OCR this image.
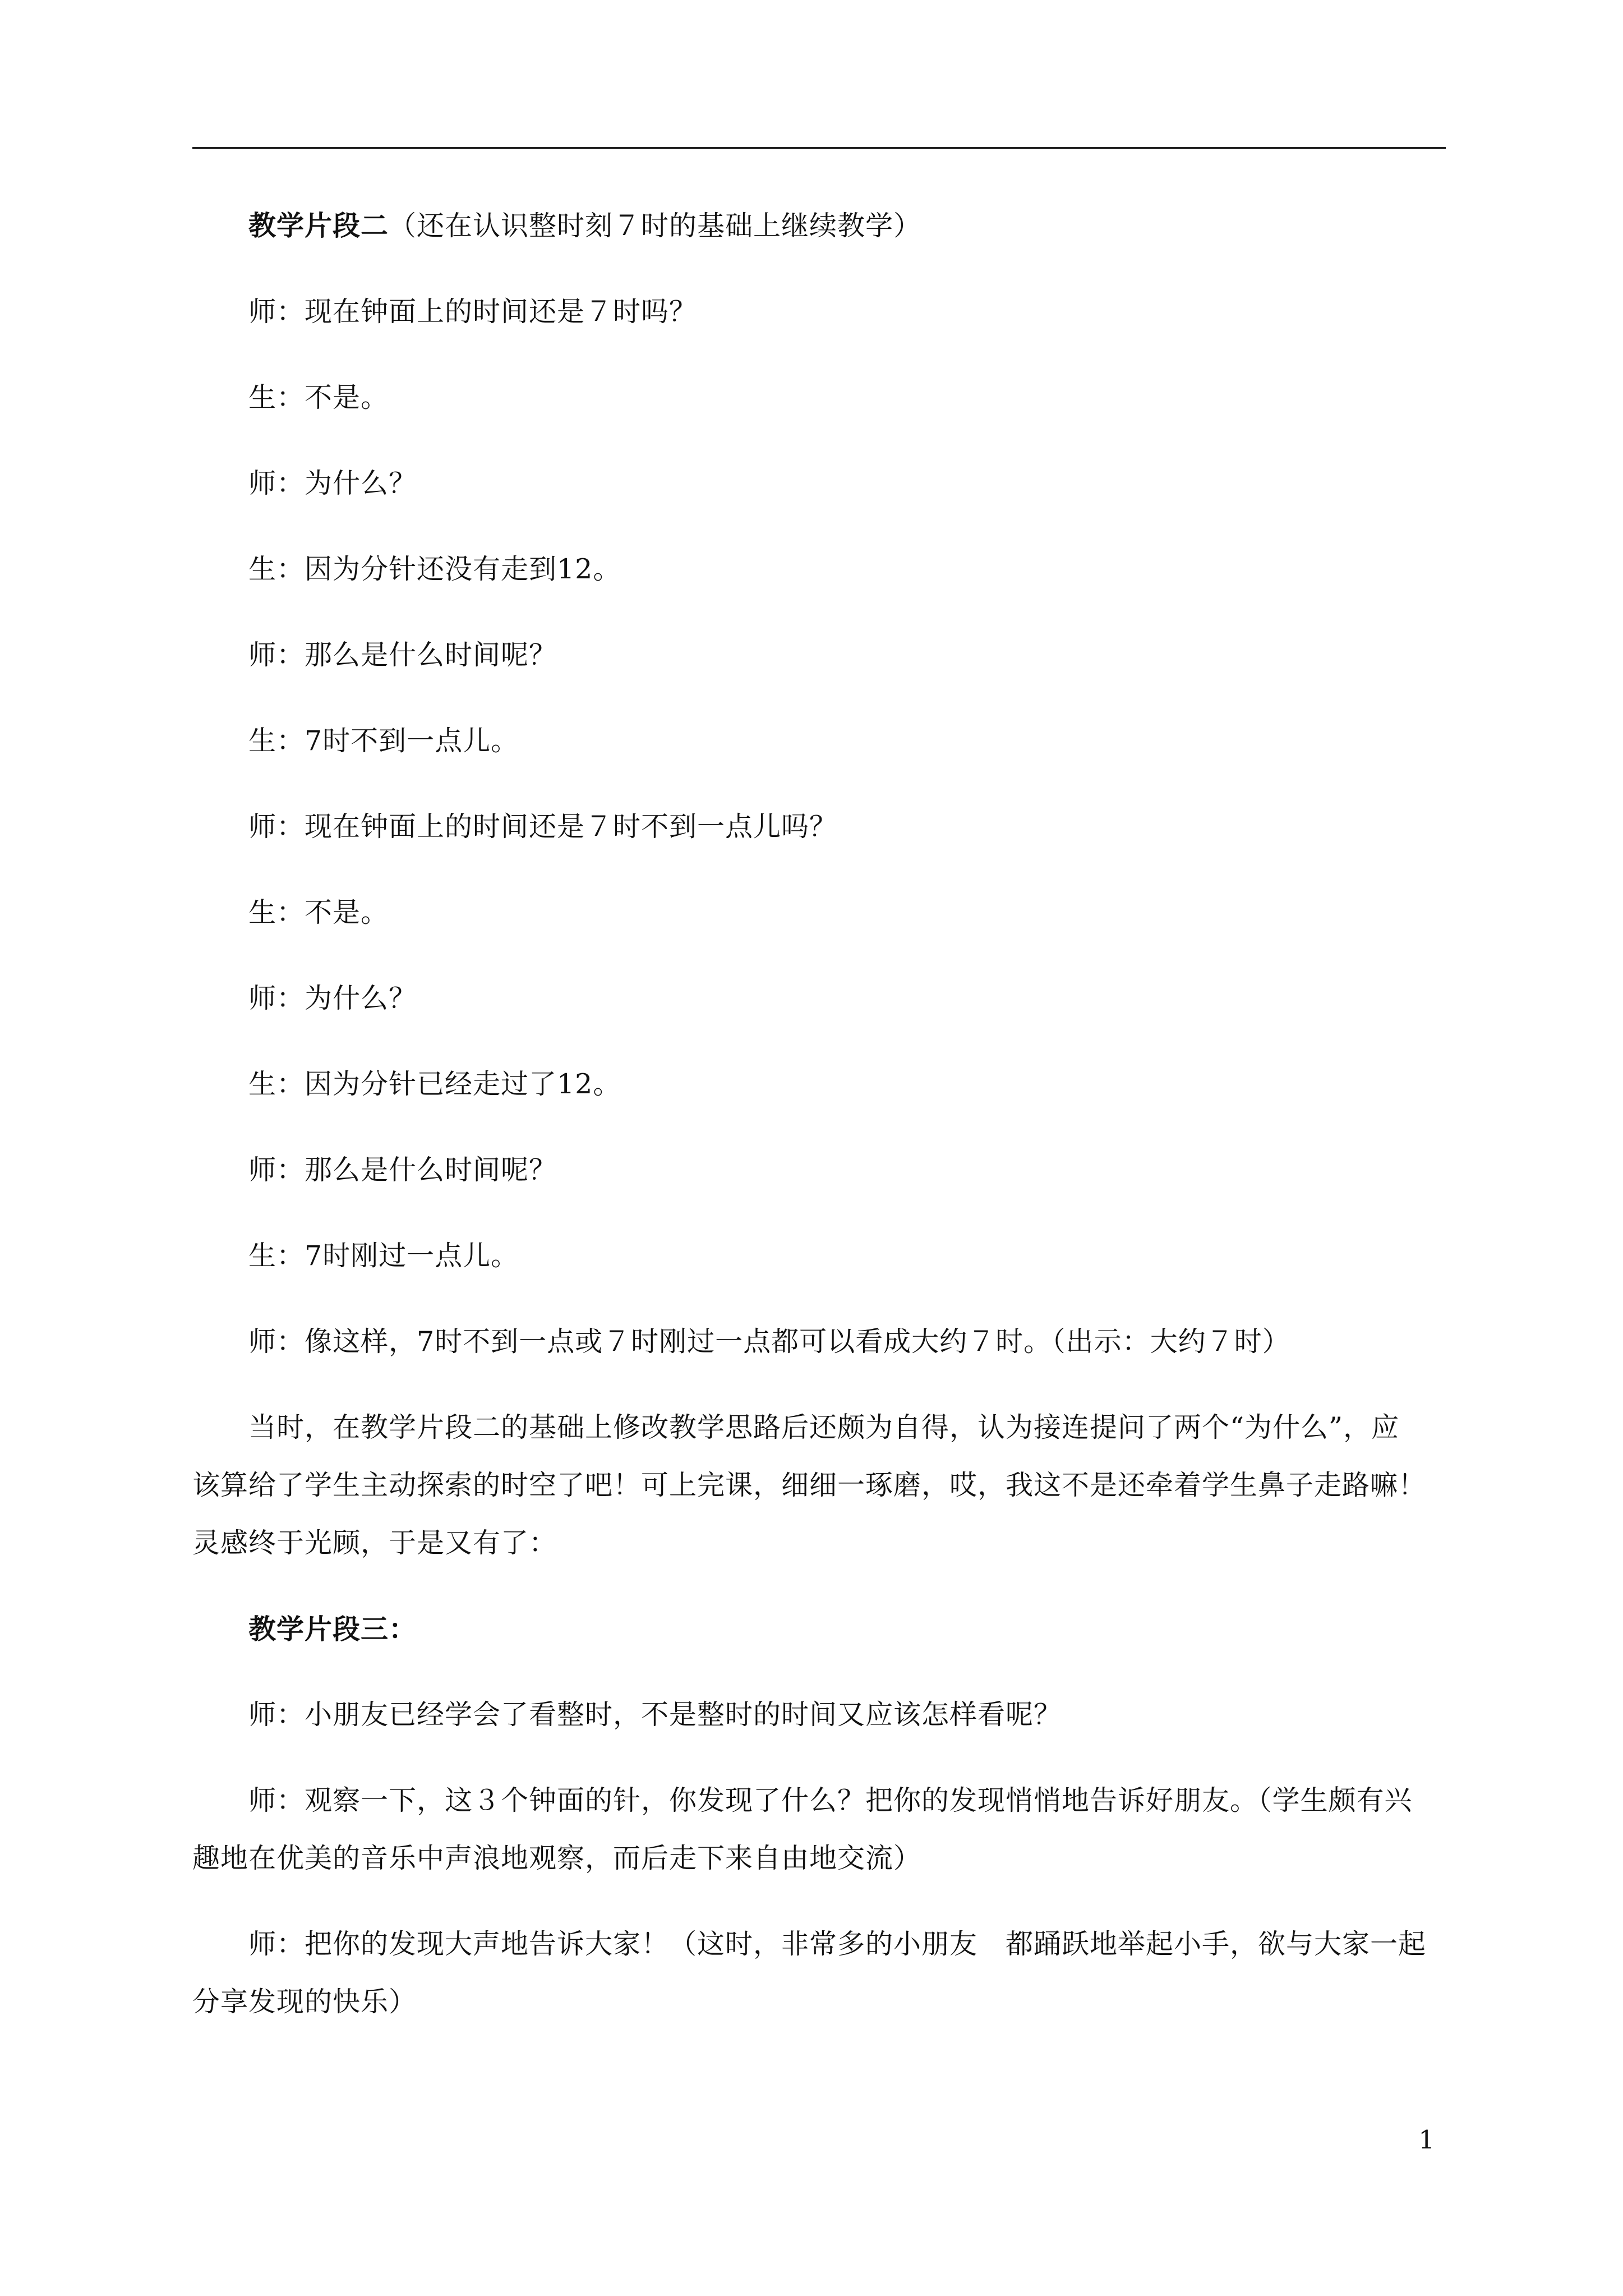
教学片段二（还在认识整时刻７时的基础上继续教学）

师：现在钟面上的时间还是７时吗？

生：不是。

师：为什么？

生：因为分针还没有走到12。

师：那么是什么时间呢？

生：7时不到一点儿。

师：现在钟面上的时间还是７时不到一点儿吗？

生：不是。

师：为什么？

生：因为分针已经走过了12。

师：那么是什么时间呢？

生：7时刚过一点儿。

师：像这样，7时不到一点或７时刚过一点都可以看成大约７时。（出示：大约７时）

当时，在教学片段二的基础上修改教学思路后还颇为自得，认为接连提问了两个“为什么”，应

该算给了学生主动探索的时空了吧！可上完课，细细一琢磨，哎，我这不是还牵着学生鼻子走路嘛！

灵感终于光顾，于是又有了：

教学片段三：

师：小朋友已经学会了看整时，不是整时的时间又应该怎样看呢？

师：观察一下，这３个钟面的针，你发现了什么？把你的发现悄悄地告诉好朋友。（学生颇有兴

趣地在优美的音乐中声浪地观察，而后走下来自由地交流）

师：把你的发现大声地告诉大家！（这时，非常多的小朋友　都踊跃地举起小手，欲与大家一起

分享发现的快乐）

1
